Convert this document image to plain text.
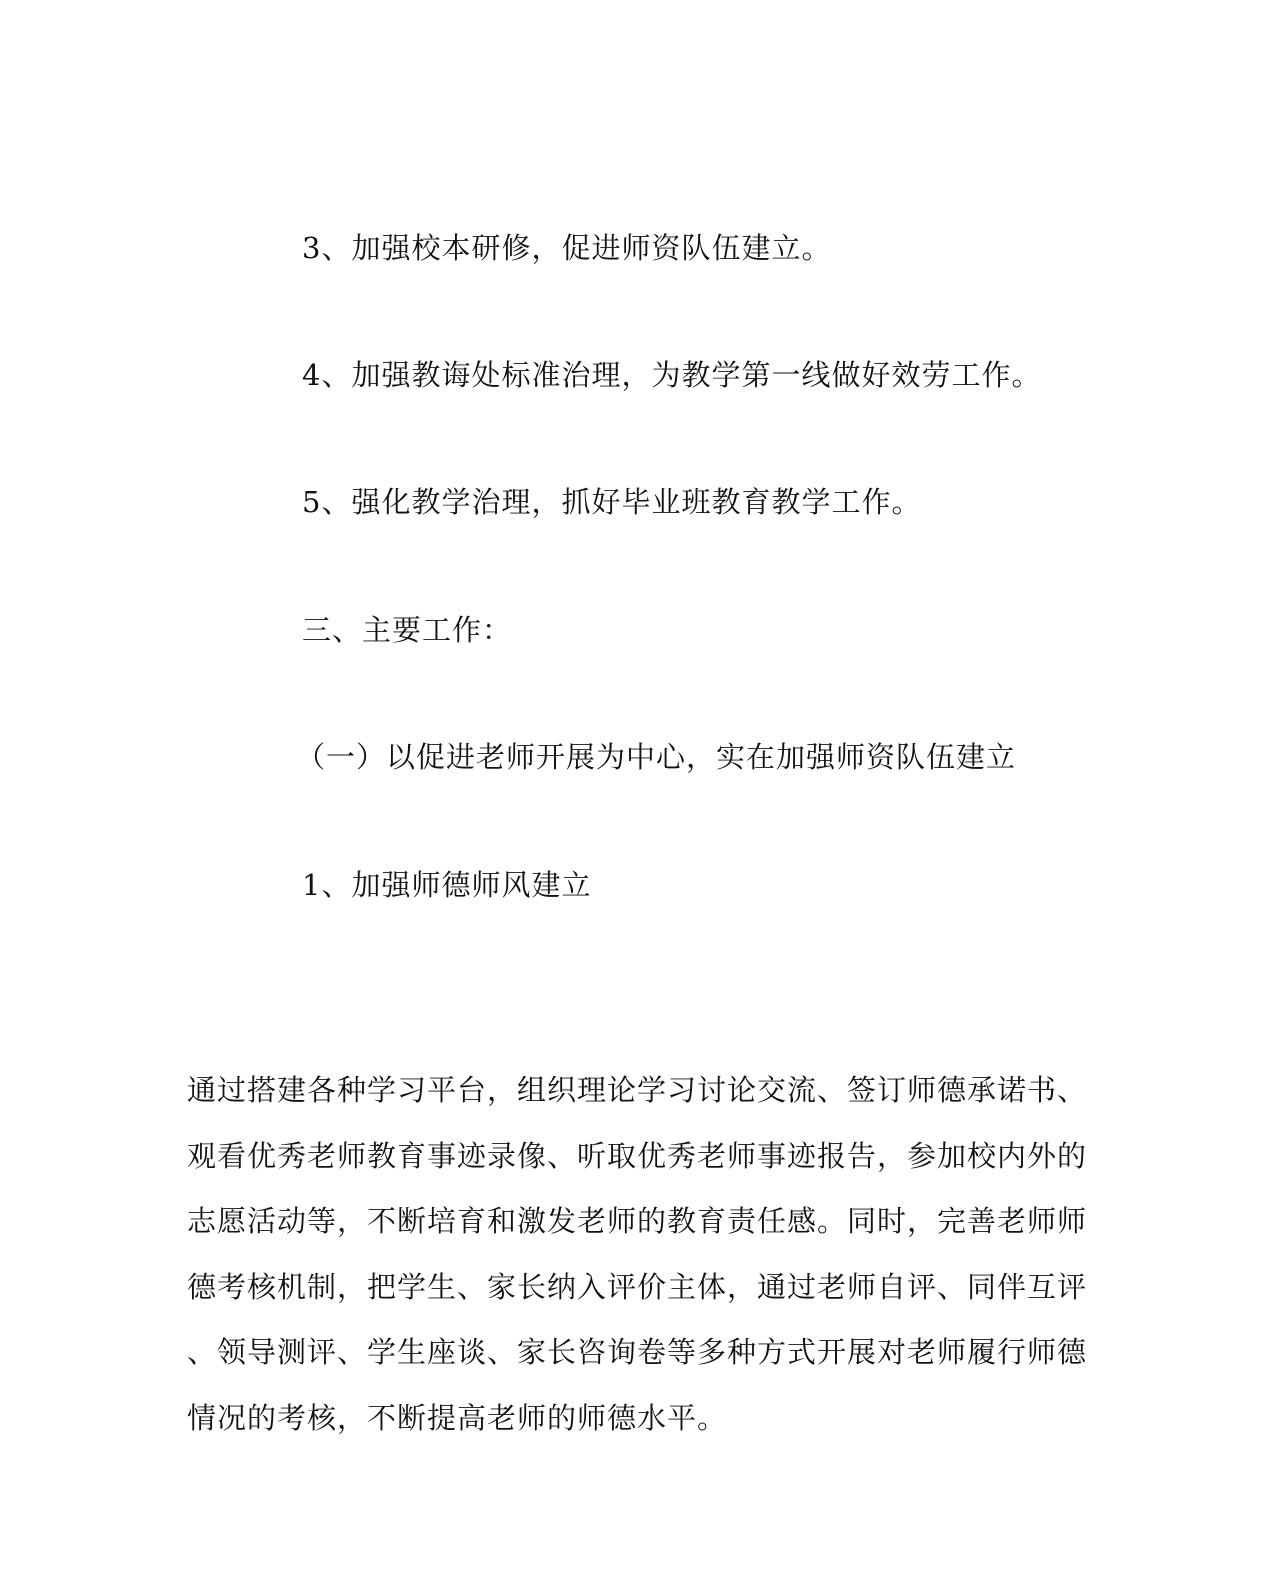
3、加强校本研修，促进师资队伍建立。
4、加强教诲处标准治理，为教学第一线做好效劳工作。
5、强化教学治理，抓好毕业班教育教学工作。
三、主要工作：
（一）以促进老师开展为中心，实在加强师资队伍建立
1、加强师德师风建立

通过搭建各种学习平台，组织理论学习讨论交流、签订师德承诺书、
观看优秀老师教育事迹录像、听取优秀老师事迹报告，参加校内外的
志愿活动等，不断培育和激发老师的教育责任感。同时，完善老师师
德考核机制，把学生、家长纳入评价主体，通过老师自评、同伴互评
、领导测评、学生座谈、家长咨询卷等多种方式开展对老师履行师德
情况的考核，不断提高老师的师德水平。
